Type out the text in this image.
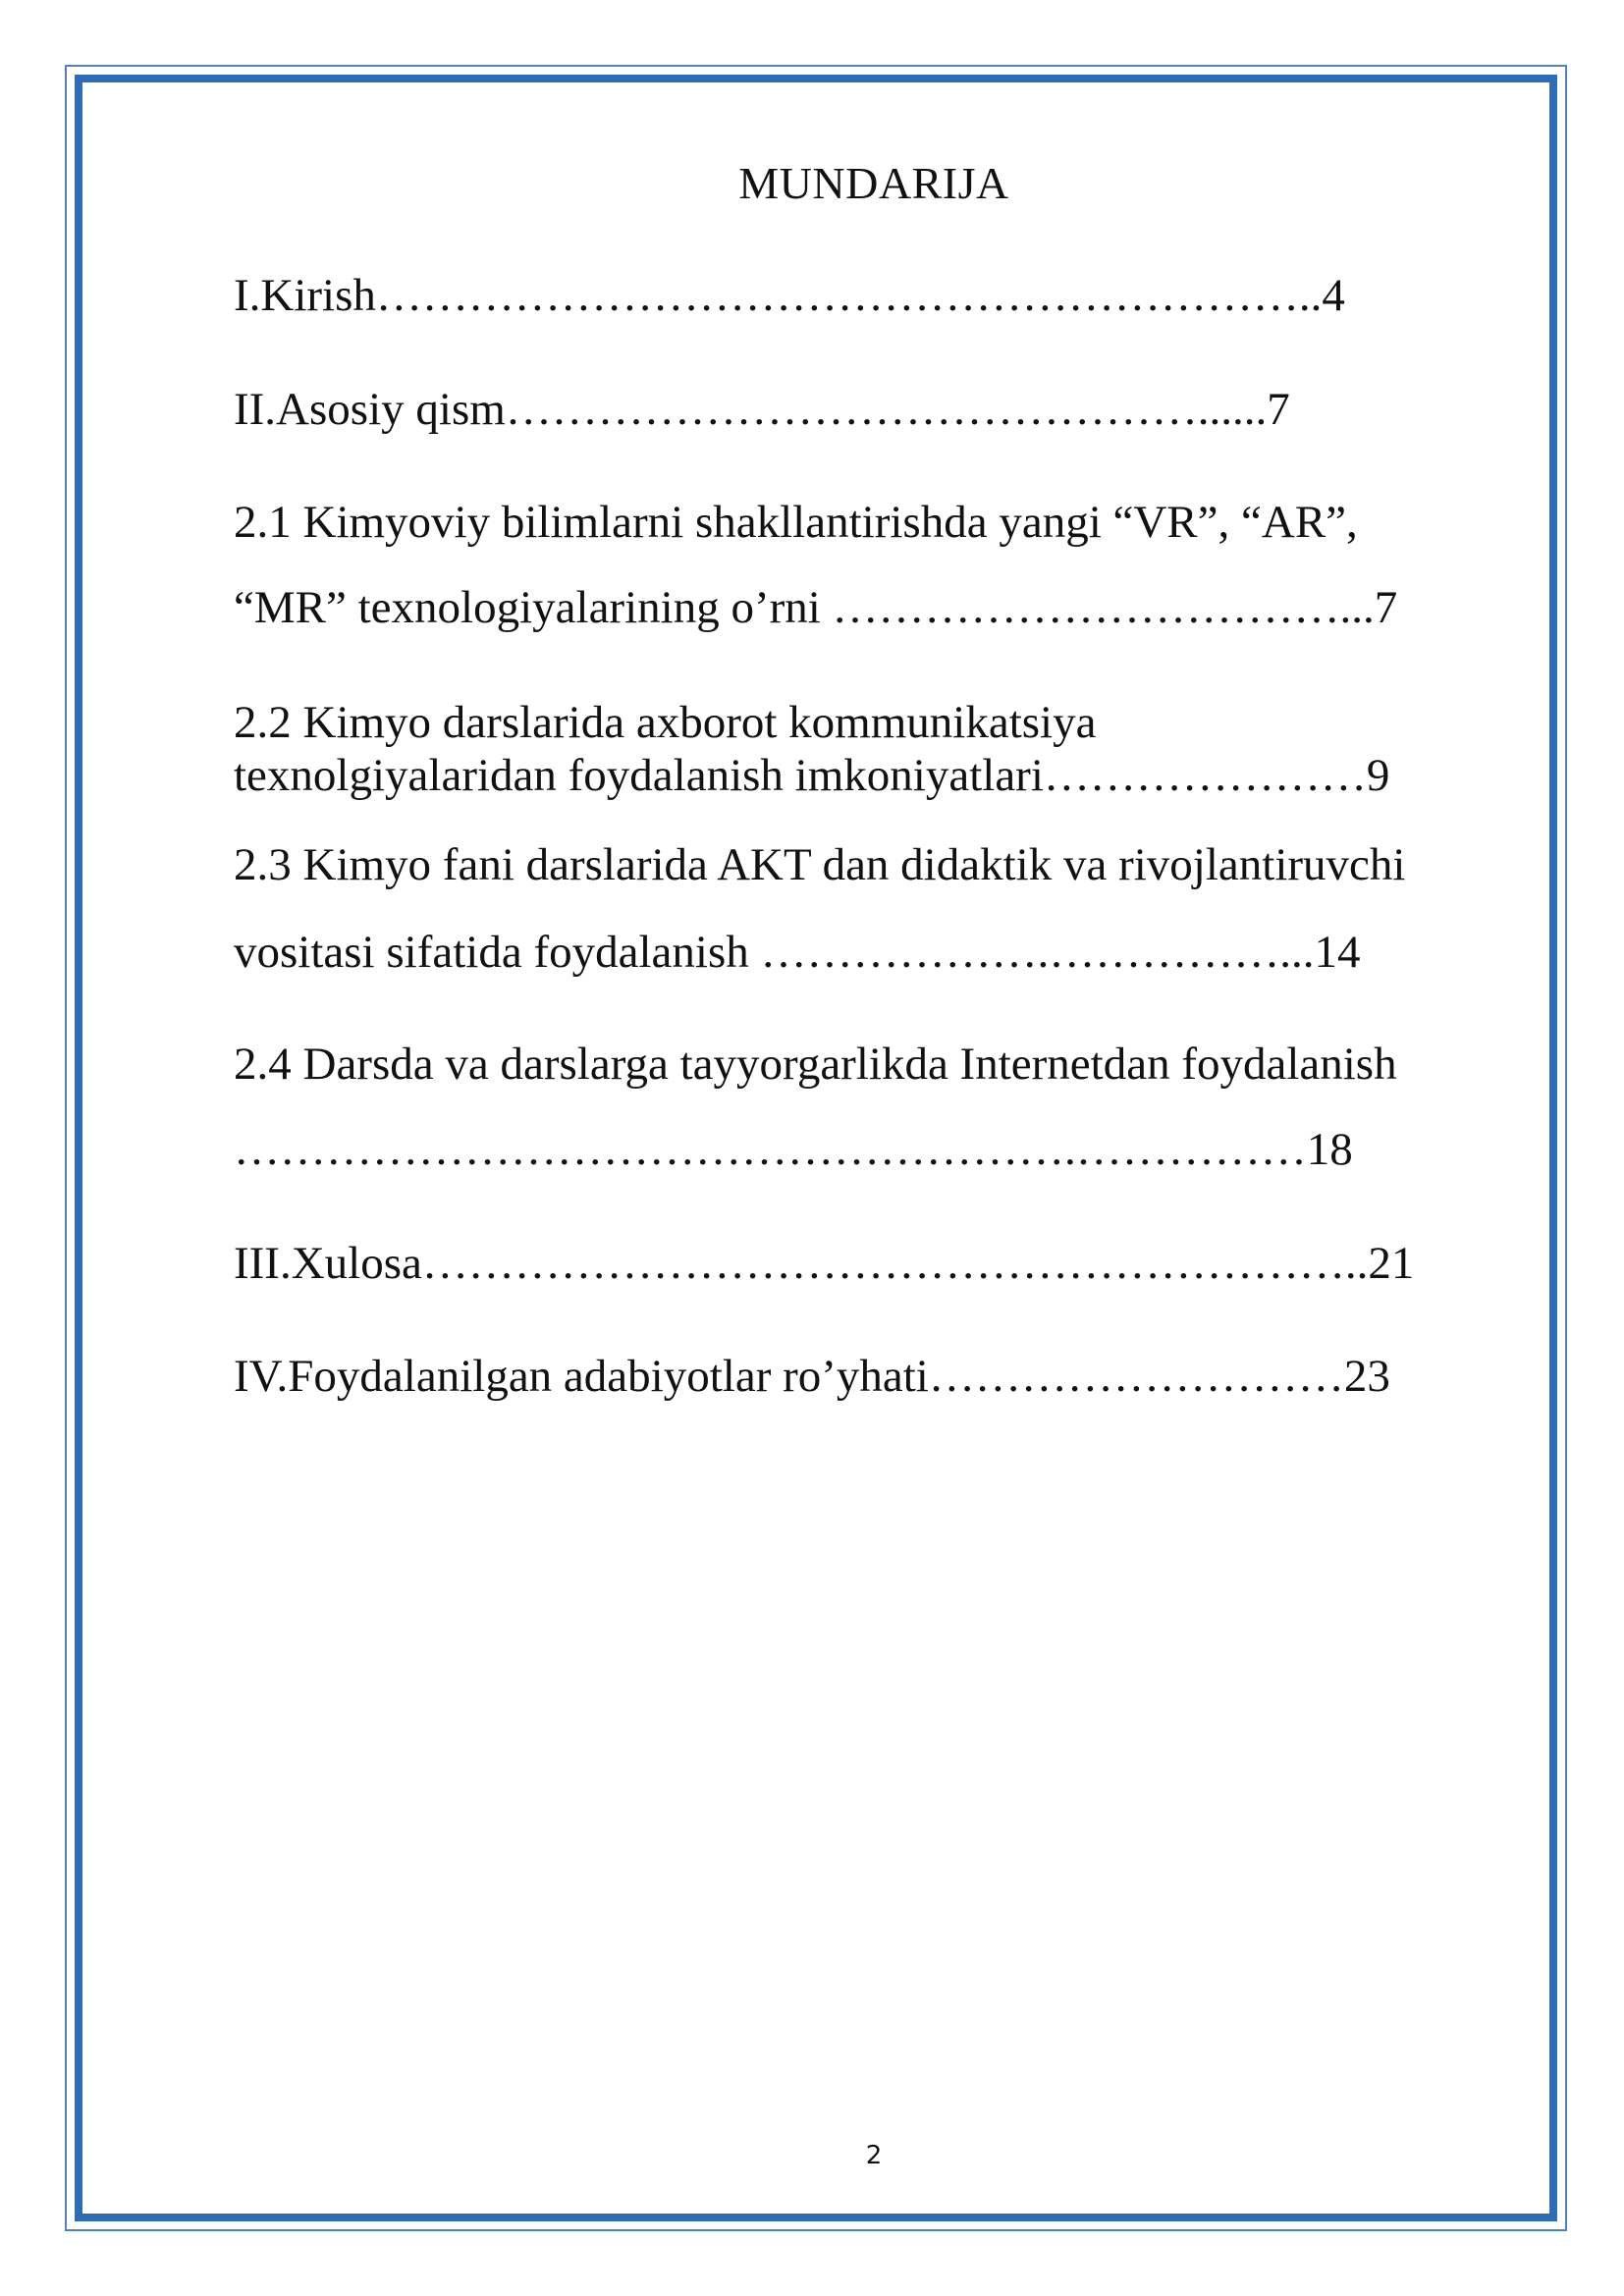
MUNDARIJA
I.Kirish……………………………………………………..4
II.Asosiy qism………………………………………......7
2.1 Kimyoviy bilimlarni shakllantirishda yangi “VR”, “AR”,
“MR” texnologiyalarining o’rni ……………………………...7
2.2 Kimyo darslarida axborot kommunikatsiya
texnolgiyalaridan foydalanish imkoniyatlari…………………9
2.3 Kimyo fani darslarida AKT dan didaktik va rivojlantiruvchi
vositasi sifatida foydalanish ……………….……………...14
2.4 Darsda va darslarga tayyorgarlikda Internetdan foydalanish
……………………………………………….……………18
III.Xulosa……………………………………………………..21
IV.Foydalanilgan adabiyotlar ro’yhati………………………23
2
